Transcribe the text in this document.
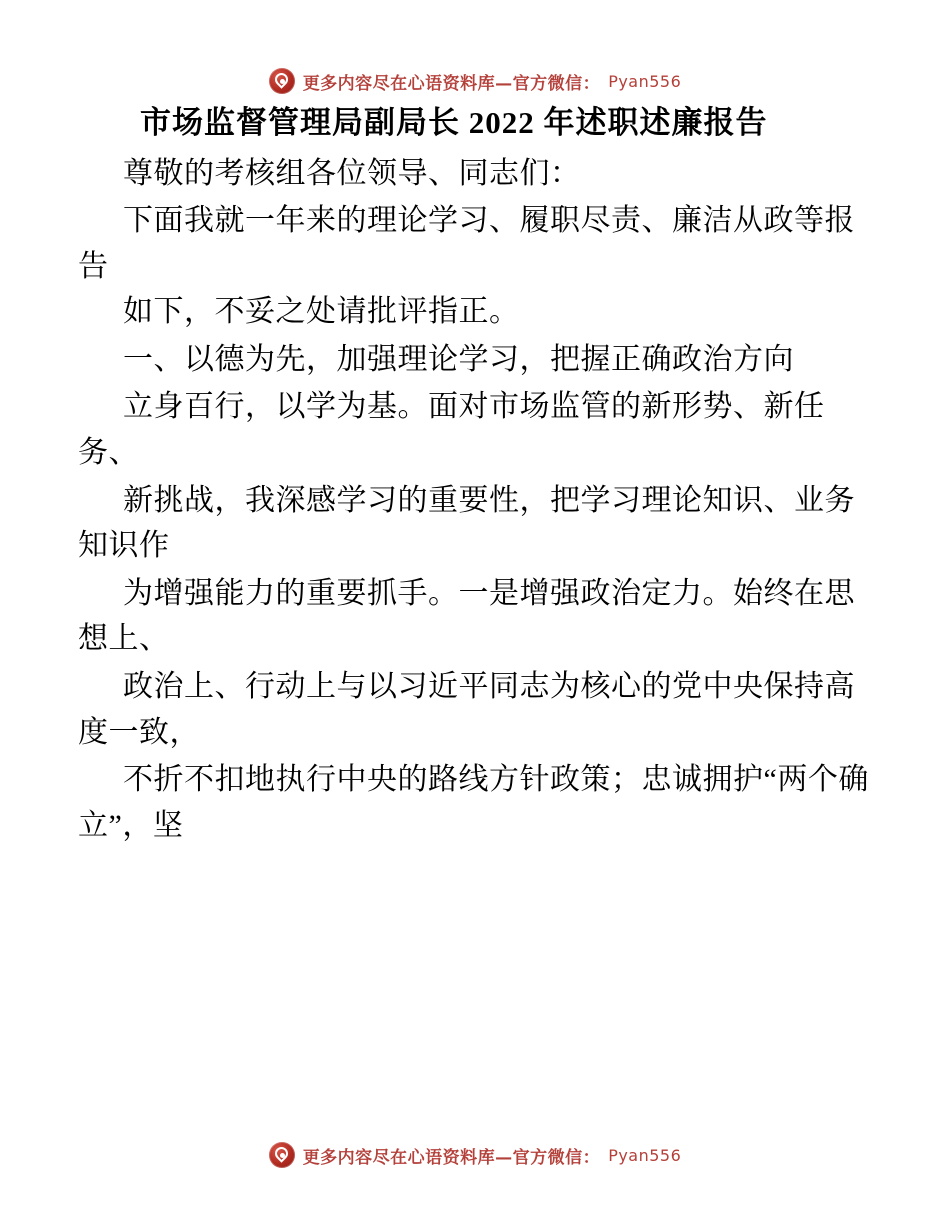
更多内容尽在心语资料库—官方微信： Pyan556
市场监督管理局副局长 2022 年述职述廉报告

尊敬的考核组各位领导、同志们：

下面我就一年来的理论学习、履职尽责、廉洁从政等报告

如下，不妥之处请批评指正。

一、以德为先，加强理论学习，把握正确政治方向

立身百行，以学为基。面对市场监管的新形势、新任务、

新挑战，我深感学习的重要性，把学习理论知识、业务知识作

为增强能力的重要抓手。一是增强政治定力。始终在思想上、

政治上、行动上与以习近平同志为核心的党中央保持高度一致，

不折不扣地执行中央的路线方针政策；忠诚拥护“两个确立”，坚

更多内容尽在心语资料库—官方微信： Pyan556
